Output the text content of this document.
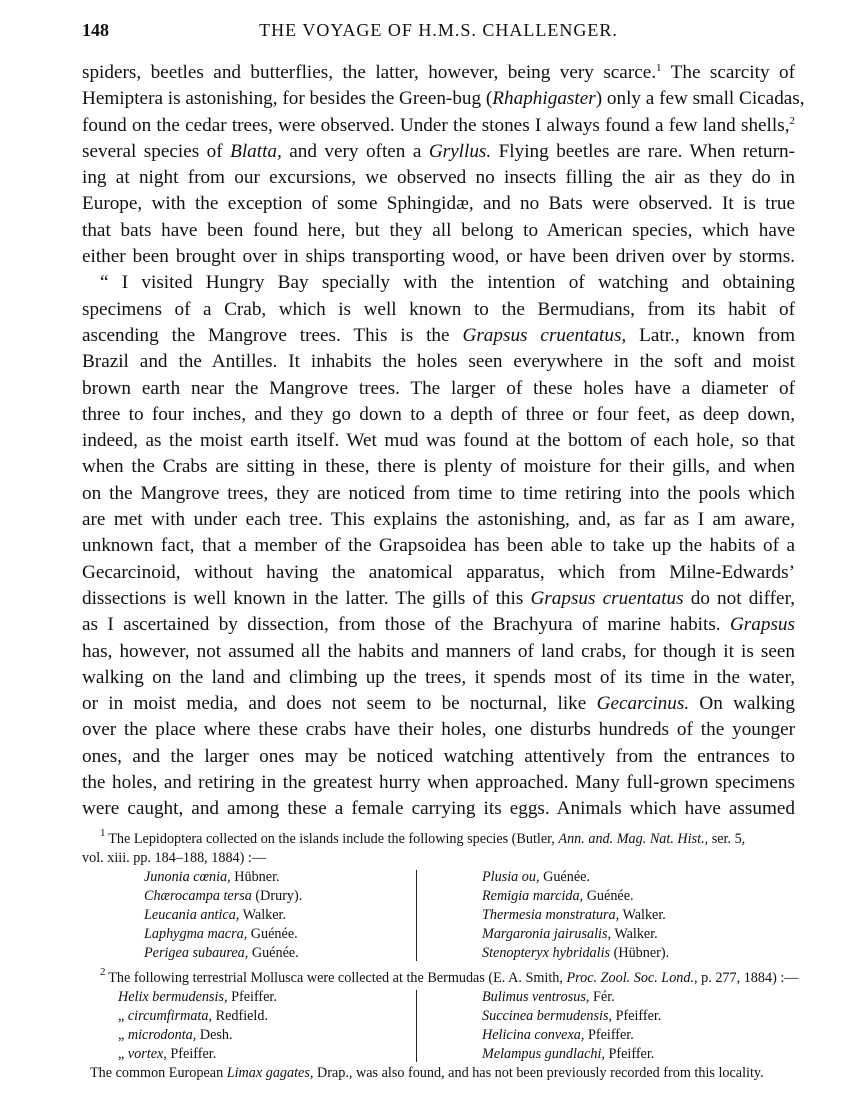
148	THE VOYAGE OF H.M.S. CHALLENGER.
spiders, beetles and butterflies, the latter, however, being very scarce.$^1$ The scarcity of
Hemiptera is astonishing, for besides the Green-bug (Rhaphigaster) only a few small Cicadas,
found on the cedar trees, were observed. Under the stones I always found a few land shells,$^2$
several species of Blatta, and very often a Gryllus. Flying beetles are rare. When return-
ing at night from our excursions, we observed no insects filling the air as they do in
Europe, with the exception of some Sphingidæ, and no Bats were observed. It is true
that bats have been found here, but they all belong to American species, which have
either been brought over in ships transporting wood, or have been driven over by storms.
“ I visited Hungry Bay specially with the intention of watching and obtaining
specimens of a Crab, which is well known to the Bermudians, from its habit of
ascending the Mangrove trees. This is the Grapsus cruentatus, Latr., known from
Brazil and the Antilles. It inhabits the holes seen everywhere in the soft and moist
brown earth near the Mangrove trees. The larger of these holes have a diameter of
three to four inches, and they go down to a depth of three or four feet, as deep down,
indeed, as the moist earth itself. Wet mud was found at the bottom of each hole, so that
when the Crabs are sitting in these, there is plenty of moisture for their gills, and when
on the Mangrove trees, they are noticed from time to time retiring into the pools which
are met with under each tree. This explains the astonishing, and, as far as I am aware,
unknown fact, that a member of the Grapsoidea has been able to take up the habits of a
Gecarcinoid, without having the anatomical apparatus, which from Milne-Edwards’
dissections is well known in the latter. The gills of this Grapsus cruentatus do not differ,
as I ascertained by dissection, from those of the Brachyura of marine habits. Grapsus
has, however, not assumed all the habits and manners of land crabs, for though it is seen
walking on the land and climbing up the trees, it spends most of its time in the water,
or in moist media, and does not seem to be nocturnal, like Gecarcinus. On walking
over the place where these crabs have their holes, one disturbs hundreds of the younger
ones, and the larger ones may be noticed watching attentively from the entrances to
the holes, and retiring in the greatest hurry when approached. Many full-grown specimens
were caught, and among these a female carrying its eggs. Animals which have assumed
$^1$ The Lepidoptera collected on the islands include the following species (Butler, Ann. and. Mag. Nat. Hist., ser. 5,
vol. xiii. pp. 184–188, 1884) :—
Junonia cœnia, Hübner.
Chærocampa tersa (Drury).
Leucania antica, Walker.
Laphygma macra, Guénée.
Perigea subaurea, Guénée.
Plusia ou, Guénée.
Remigia marcida, Guénée.
Thermesia monstratura, Walker.
Margaronia jairusalis, Walker.
Stenopteryx hybridalis (Hübner).
$^2$ The following terrestrial Mollusca were collected at the Bermudas (E. A. Smith, Proc. Zool. Soc. Lond., p. 277, 1884) :—
Helix bermudensis, Pfeiffer.
„ circumfirmata, Redfield.
„ microdonta, Desh.
„ vortex, Pfeiffer.
Bulimus ventrosus, Fér.
Succinea bermudensis, Pfeiffer.
Helicina convexa, Pfeiffer.
Melampus gundlachi, Pfeiffer.
The common European Limax gagates, Drap., was also found, and has not been previously recorded from this locality.
